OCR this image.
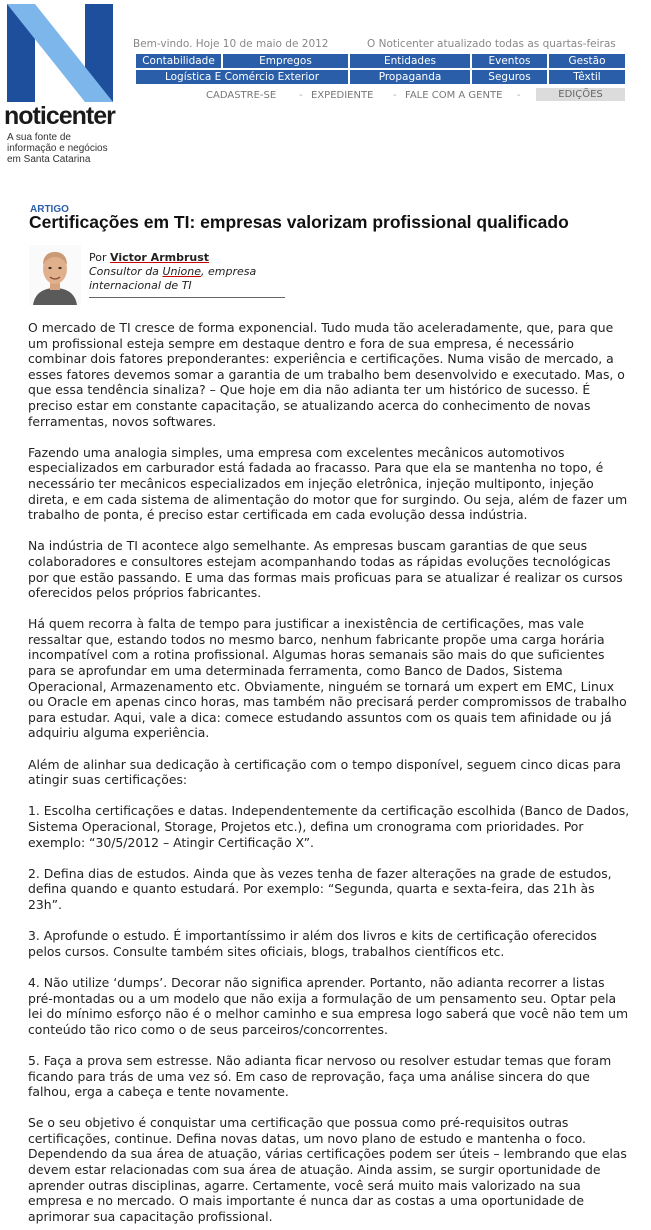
noticenter
A sua fonte de informação e negócios em Santa Catarina
Bem-vindo. Hoje 10 de maio de 2012	O Noticenter atualizado todas as quartas-feiras
Contabilidade	Empregos	Entidades	Eventos	Gestão
Logística E Comércio Exterior	Propaganda	Seguros	Têxtil
CADASTRE-SE - EXPEDIENTE - FALE COM A GENTE -	EDIÇÕES
ARTIGO
Certificações em TI: empresas valorizam profissional qualificado
Por Victor Armbrust
Consultor da Unione, empresa internacional de TI

O mercado de TI cresce de forma exponencial. Tudo muda tão aceleradamente, que, para que um profissional esteja sempre em destaque dentro e fora de sua empresa, é necessário combinar dois fatores preponderantes: experiência e certificações. Numa visão de mercado, a esses fatores devemos somar a garantia de um trabalho bem desenvolvido e executado. Mas, o que essa tendência sinaliza? – Que hoje em dia não adianta ter um histórico de sucesso. É preciso estar em constante capacitação, se atualizando acerca do conhecimento de novas ferramentas, novos softwares.

Fazendo uma analogia simples, uma empresa com excelentes mecânicos automotivos especializados em carburador está fadada ao fracasso. Para que ela se mantenha no topo, é necessário ter mecânicos especializados em injeção eletrônica, injeção multiponto, injeção direta, e em cada sistema de alimentação do motor que for surgindo. Ou seja, além de fazer um trabalho de ponta, é preciso estar certificada em cada evolução dessa indústria.

Na indústria de TI acontece algo semelhante. As empresas buscam garantias de que seus colaboradores e consultores estejam acompanhando todas as rápidas evoluções tecnológicas por que estão passando. E uma das formas mais proficuas para se atualizar é realizar os cursos oferecidos pelos próprios fabricantes.

Há quem recorra à falta de tempo para justificar a inexistência de certificações, mas vale ressaltar que, estando todos no mesmo barco, nenhum fabricante propõe uma carga horária incompatível com a rotina profissional. Algumas horas semanais são mais do que suficientes para se aprofundar em uma determinada ferramenta, como Banco de Dados, Sistema Operacional, Armazenamento etc. Obviamente, ninguém se tornará um expert em EMC, Linux ou Oracle em apenas cinco horas, mas também não precisará perder compromissos de trabalho para estudar. Aqui, vale a dica: comece estudando assuntos com os quais tem afinidade ou já adquiriu alguma experiência.

Além de alinhar sua dedicação à certificação com o tempo disponível, seguem cinco dicas para atingir suas certificações:

1. Escolha certificações e datas. Independentemente da certificação escolhida (Banco de Dados, Sistema Operacional, Storage, Projetos etc.), defina um cronograma com prioridades. Por exemplo: “30/5/2012 – Atingir Certificação X”.

2. Defina dias de estudos. Ainda que às vezes tenha de fazer alterações na grade de estudos, defina quando e quanto estudará. Por exemplo: “Segunda, quarta e sexta-feira, das 21h às 23h”.

3. Aprofunde o estudo. É importantíssimo ir além dos livros e kits de certificação oferecidos pelos cursos. Consulte também sites oficiais, blogs, trabalhos científicos etc.

4. Não utilize ‘dumps’. Decorar não significa aprender. Portanto, não adianta recorrer a listas pré-montadas ou a um modelo que não exija a formulação de um pensamento seu. Optar pela lei do mínimo esforço não é o melhor caminho e sua empresa logo saberá que você não tem um conteúdo tão rico como o de seus parceiros/concorrentes.

5. Faça a prova sem estresse. Não adianta ficar nervoso ou resolver estudar temas que foram ficando para trás de uma vez só. Em caso de reprovação, faça uma análise sincera do que falhou, erga a cabeça e tente novamente.

Se o seu objetivo é conquistar uma certificação que possua como pré-requisitos outras certificações, continue. Defina novas datas, um novo plano de estudo e mantenha o foco. Dependendo da sua área de atuação, várias certificações podem ser úteis – lembrando que elas devem estar relacionadas com sua área de atuação. Ainda assim, se surgir oportunidade de aprender outras disciplinas, agarre. Certamente, você será muito mais valorizado na sua empresa e no mercado. O mais importante é nunca dar as costas a uma oportunidade de aprimorar sua capacitação profissional.
